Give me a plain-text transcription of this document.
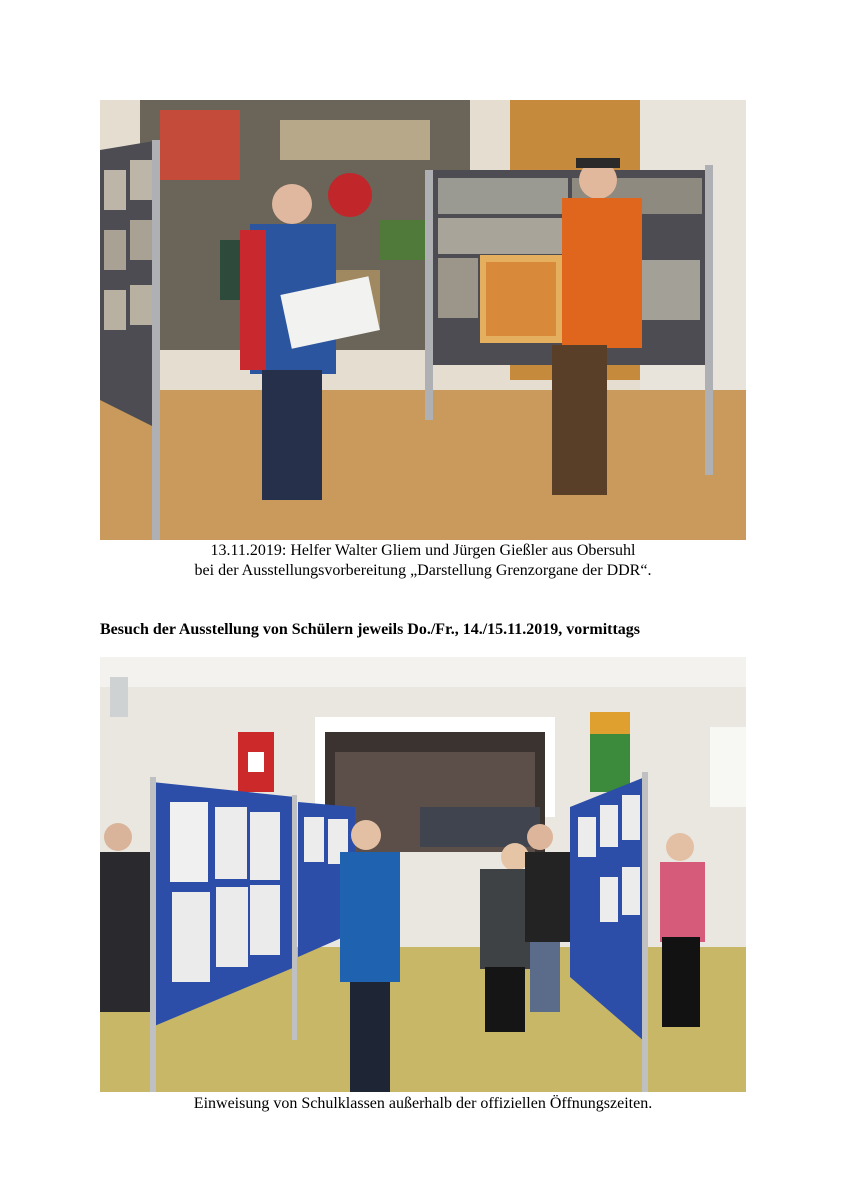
13.11.2019: Helfer Walter Gliem und Jürgen Gießler aus Obersuhl
bei der Ausstellungsvorbereitung „Darstellung Grenzorgane der DDR“.
Besuch der Ausstellung von Schülern jeweils Do./Fr., 14./15.11.2019, vormittags
Einweisung von Schulklassen außerhalb der offiziellen Öffnungszeiten.
